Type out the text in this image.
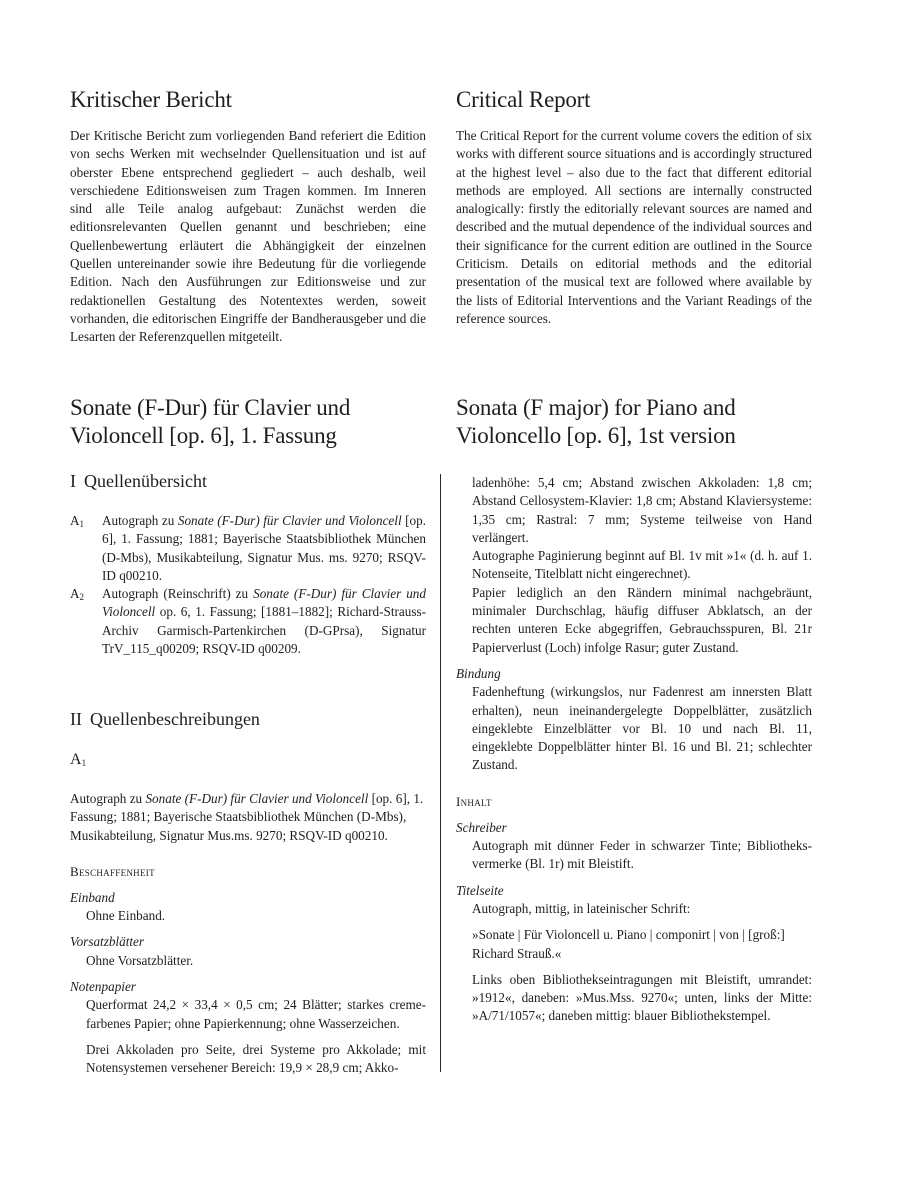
Kritischer Bericht

Der Kritische Bericht zum vorliegenden Band referiert die Edition von sechs Werken mit wechselnder Quellensituation und ist auf oberster Ebene entsprechend gegliedert – auch deshalb, weil verschiedene Editionsweisen zum Tragen kommen. Im Inneren sind alle Teile analog aufgebaut: Zunächst werden die editionsrelevanten Quellen genannt und beschrieben; eine Quellenbewertung erläutert die Abhängigkeit der einzelnen Quellen untereinander sowie ihre Bedeutung für die vorliegende Edition. Nach den Ausführungen zur Editionsweise und zur redaktionellen Gestaltung des Notentextes werden, soweit vorhanden, die editorischen Eingriffe der Bandherausgeber und die Lesarten der Referenzquellen mitgeteilt.

Critical Report

The Critical Report for the current volume covers the edition of six works with different source situations and is accordingly structured at the highest level – also due to the fact that different editorial methods are employed. All sections are internally constructed analogically: firstly the editorially relevant sources are named and described and the mutual dependence of the individual sources and their significance for the current edition are outlined in the Source Criticism. Details on editorial methods and the editorial presentation of the musical text are followed where available by the lists of Editorial Interventions and the Variant Readings of the reference sources.

Sonate (F-Dur) für Clavier und
Violoncell [op. 6], 1. Fassung
Sonata (F major) for Piano and
Violoncello [op. 6], 1st version
I Quellenübersicht
$A_1$	Autograph zu Sonate (F-Dur) für Clavier und Violoncell [op. 6], 1. Fassung; 1881; Bayerische Staatsbibliothek München (D-Mbs), Musikabteilung, Signatur Mus. ms. 9270; RSQV-ID q00210.
$A_2$	Autograph (Reinschrift) zu Sonate (F-Dur) für Clavier und Violoncell op. 6, 1. Fassung; [1881–1882]; Richard-Strauss-Archiv Garmisch-Partenkirchen (D-GPrsa), Signatur TrV_115_q00209; RSQV-ID q00209.
II Quellenbeschreibungen
$A_1$

Autograph zu Sonate (F-Dur) für Clavier und Violoncell [op. 6], 1. Fassung; 1881; Bayerische Staatsbibliothek München (D-Mbs), Musikabteilung, Signatur Mus.ms. 9270; RSQV-ID q00210.

Beschaffenheit

Einband

Ohne Einband.

Vorsatzblätter

Ohne Vorsatzblätter.

Notenpapier

Querformat 24,2 × 33,4 × 0,5 cm; 24 Blätter; starkes cremefarbenes Papier; ohne Papierkennung; ohne Wasserzeichen.

Drei Akkoladen pro Seite, drei Systeme pro Akkolade; mit Notensystemen versehener Bereich: 19,9 × 28,9 cm; Akko-

ladenhöhe: 5,4 cm; Abstand zwischen Akkoladen: 1,8 cm; Abstand Cellosystem-Klavier: 1,8 cm; Abstand Klaviersysteme: 1,35 cm; Rastral: 7 mm; Systeme teilweise von Hand verlängert.

Autographe Paginierung beginnt auf Bl. 1v mit »1« (d. h. auf 1. Notenseite, Titelblatt nicht eingerechnet).

Papier lediglich an den Rändern minimal nachgebräunt, minimaler Durchschlag, häufig diffuser Abklatsch, an der rechten unteren Ecke abgegriffen, Gebrauchsspuren, Bl. 21r Papierverlust (Loch) infolge Rasur; guter Zustand.

Bindung

Fadenheftung (wirkungslos, nur Fadenrest am innersten Blatt erhalten), neun ineinandergelegte Doppelblätter, zusätzlich eingeklebte Einzelblätter vor Bl. 10 und nach Bl. 11, eingeklebte Doppelblätter hinter Bl. 16 und Bl. 21; schlechter Zustand.

Inhalt

Schreiber

Autograph mit dünner Feder in schwarzer Tinte; Bibliotheksvermerke (Bl. 1r) mit Bleistift.

Titelseite

Autograph, mittig, in lateinischer Schrift:

»Sonate | Für Violoncell u. Piano | componirt | von | [groß:] Richard Strauß.«

Links oben Bibliothekseintragungen mit Bleistift, umrandet: »1912«, daneben: »Mus.Mss. 9270«; unten, links der Mitte: »A/71/1057«; daneben mittig: blauer Bibliothekstempel.
